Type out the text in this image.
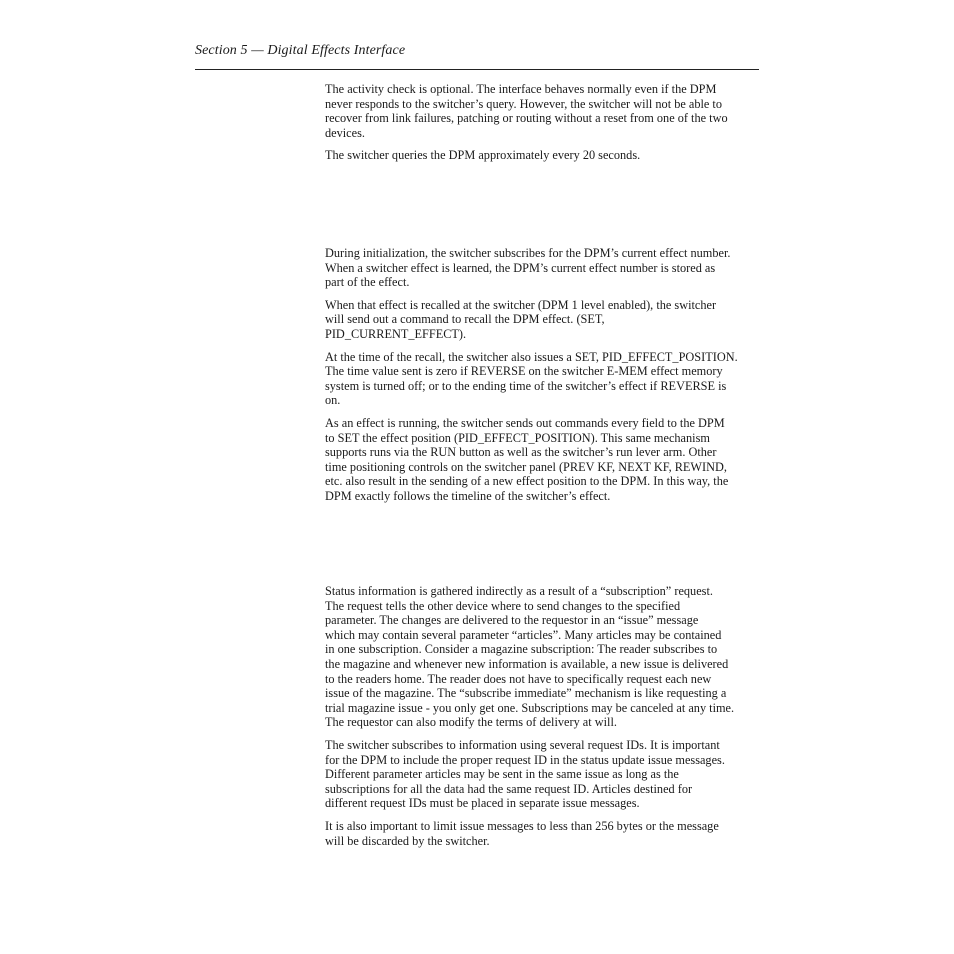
Section 5 — Digital Effects Interface

The activity check is optional. The interface behaves normally even if the DPM
never responds to the switcher’s query. However, the switcher will not be able to
recover from link failures, patching or routing without a reset from one of the two
devices.

The switcher queries the DPM approximately every 20 seconds.

During initialization, the switcher subscribes for the DPM’s current effect number.
When a switcher effect is learned, the DPM’s current effect number is stored as
part of the effect.

When that effect is recalled at the switcher (DPM 1 level enabled), the switcher
will send out a command to recall the DPM effect. (SET,
PID_CURRENT_EFFECT).

At the time of the recall, the switcher also issues a SET, PID_EFFECT_POSITION.
The time value sent is zero if REVERSE on the switcher E-MEM effect memory
system is turned off; or to the ending time of the switcher’s effect if REVERSE is
on.

As an effect is running, the switcher sends out commands every field to the DPM
to SET the effect position (PID_EFFECT_POSITION). This same mechanism
supports runs via the RUN button as well as the switcher’s run lever arm. Other
time positioning controls on the switcher panel (PREV KF, NEXT KF, REWIND,
etc. also result in the sending of a new effect position to the DPM. In this way, the
DPM exactly follows the timeline of the switcher’s effect.

Status information is gathered indirectly as a result of a “subscription” request.
The request tells the other device where to send changes to the specified
parameter. The changes are delivered to the requestor in an “issue” message
which may contain several parameter “articles”. Many articles may be contained
in one subscription. Consider a magazine subscription: The reader subscribes to
the magazine and whenever new information is available, a new issue is delivered
to the readers home. The reader does not have to specifically request each new
issue of the magazine. The “subscribe immediate” mechanism is like requesting a
trial magazine issue - you only get one. Subscriptions may be canceled at any time.
The requestor can also modify the terms of delivery at will.

The switcher subscribes to information using several request IDs. It is important
for the DPM to include the proper request ID in the status update issue messages.
Different parameter articles may be sent in the same issue as long as the
subscriptions for all the data had the same request ID. Articles destined for
different request IDs must be placed in separate issue messages.

It is also important to limit issue messages to less than 256 bytes or the message
will be discarded by the switcher.
